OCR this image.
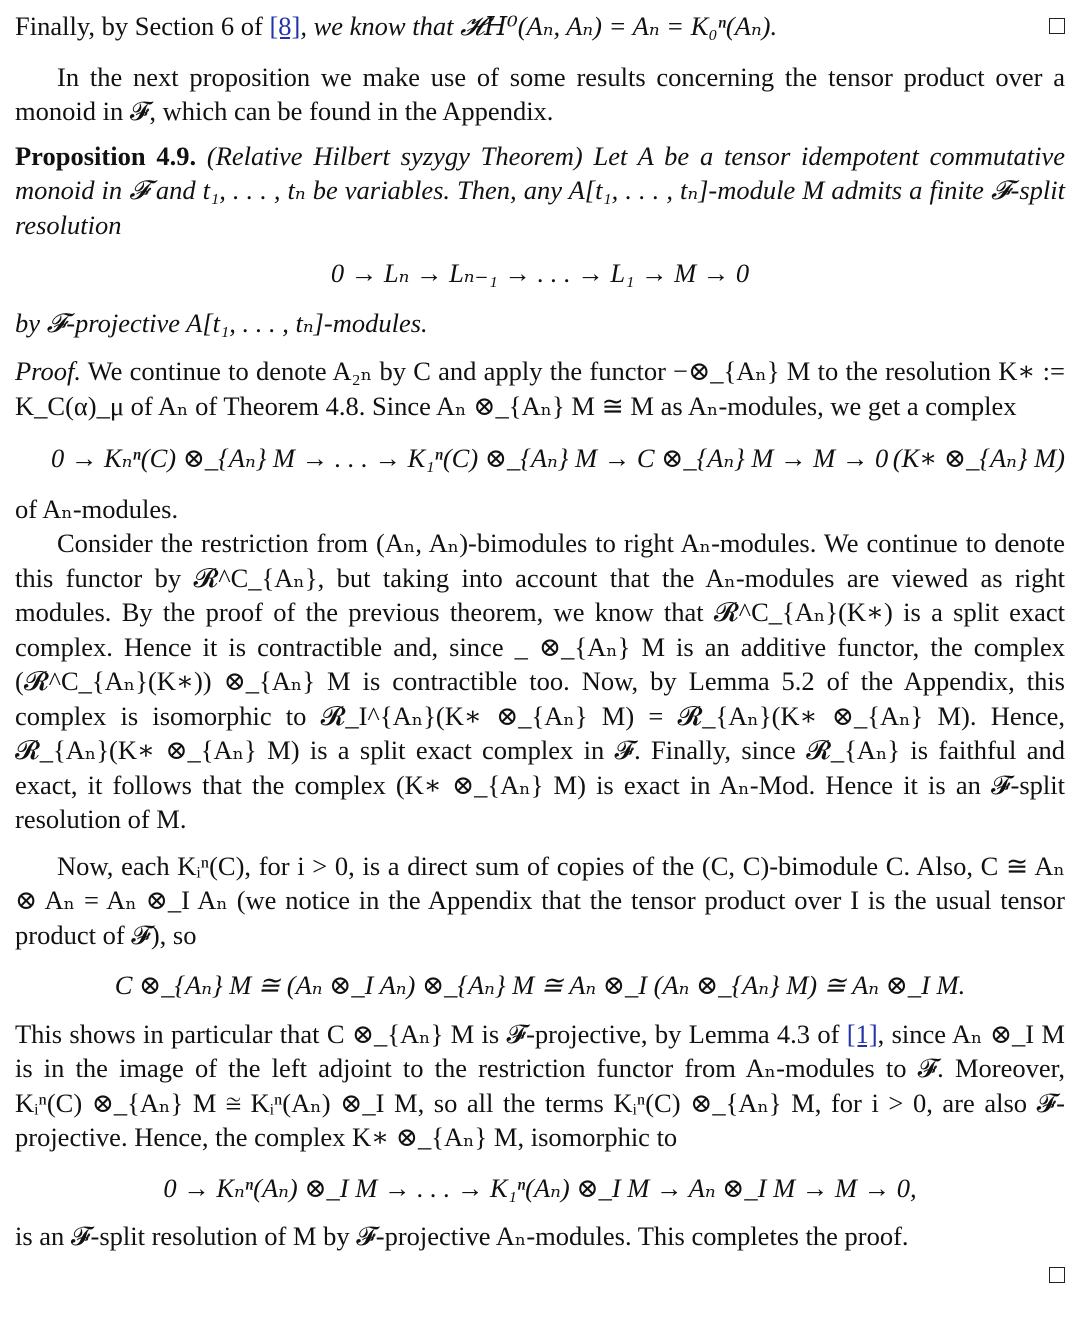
Finally, by Section 6 of [8], we know that 𝓗𝐻⁰(Aₙ, Aₙ) = Aₙ = K₀ⁿ(Aₙ).

In the next proposition we make use of some results concerning the tensor product over a monoid in 𝓕, which can be found in the Appendix.

Proposition 4.9. (Relative Hilbert syzygy Theorem) Let A be a tensor idempotent commutative monoid in 𝓕 and t₁, . . . , tₙ be variables. Then, any A[t₁, . . . , tₙ]-module M admits a finite 𝓕-split resolution

0 → Lₙ → Lₙ₋₁ → . . . → L₁ → M → 0

by 𝓕-projective A[t₁, . . . , tₙ]-modules.

Proof. We continue to denote A₂ₙ by C and apply the functor −⊗_{Aₙ} M to the resolution K∗ := K_C(α)_μ of Aₙ of Theorem 4.8. Since Aₙ ⊗_{Aₙ} M ≅ M as Aₙ-modules, we get a complex

0 → Kₙⁿ(C) ⊗_{Aₙ} M → . . . → K₁ⁿ(C) ⊗_{Aₙ} M → C ⊗_{Aₙ} M → M → 0 (K∗ ⊗_{Aₙ} M)

of Aₙ-modules.

Consider the restriction from (Aₙ, Aₙ)-bimodules to right Aₙ-modules. We continue to denote this functor by 𝓡^C_{Aₙ}, but taking into account that the Aₙ-modules are viewed as right modules. By the proof of the previous theorem, we know that 𝓡^C_{Aₙ}(K∗) is a split exact complex. Hence it is contractible and, since _ ⊗_{Aₙ} M is an additive functor, the complex (𝓡^C_{Aₙ}(K∗)) ⊗_{Aₙ} M is contractible too. Now, by Lemma 5.2 of the Appendix, this complex is isomorphic to 𝓡_I^{Aₙ}(K∗ ⊗_{Aₙ} M) = 𝓡_{Aₙ}(K∗ ⊗_{Aₙ} M). Hence, 𝓡_{Aₙ}(K∗ ⊗_{Aₙ} M) is a split exact complex in 𝓕. Finally, since 𝓡_{Aₙ} is faithful and exact, it follows that the complex (K∗ ⊗_{Aₙ} M) is exact in Aₙ-Mod. Hence it is an 𝓕-split resolution of M.

Now, each Kᵢⁿ(C), for i > 0, is a direct sum of copies of the (C, C)-bimodule C. Also, C ≅ Aₙ ⊗ Aₙ = Aₙ ⊗_I Aₙ (we notice in the Appendix that the tensor product over I is the usual tensor product of 𝓕), so

C ⊗_{Aₙ} M ≅ (Aₙ ⊗_I Aₙ) ⊗_{Aₙ} M ≅ Aₙ ⊗_I (Aₙ ⊗_{Aₙ} M) ≅ Aₙ ⊗_I M.

This shows in particular that C ⊗_{Aₙ} M is 𝓕-projective, by Lemma 4.3 of [1], since Aₙ ⊗_I M is in the image of the left adjoint to the restriction functor from Aₙ-modules to 𝓕. Moreover, Kᵢⁿ(C) ⊗_{Aₙ} M ≅ Kᵢⁿ(Aₙ) ⊗_I M, so all the terms Kᵢⁿ(C) ⊗_{Aₙ} M, for i > 0, are also 𝓕-projective. Hence, the complex K∗ ⊗_{Aₙ} M, isomorphic to

0 → Kₙⁿ(Aₙ) ⊗_I M → . . . → K₁ⁿ(Aₙ) ⊗_I M → Aₙ ⊗_I M → M → 0,

is an 𝓕-split resolution of M by 𝓕-projective Aₙ-modules. This completes the proof.
